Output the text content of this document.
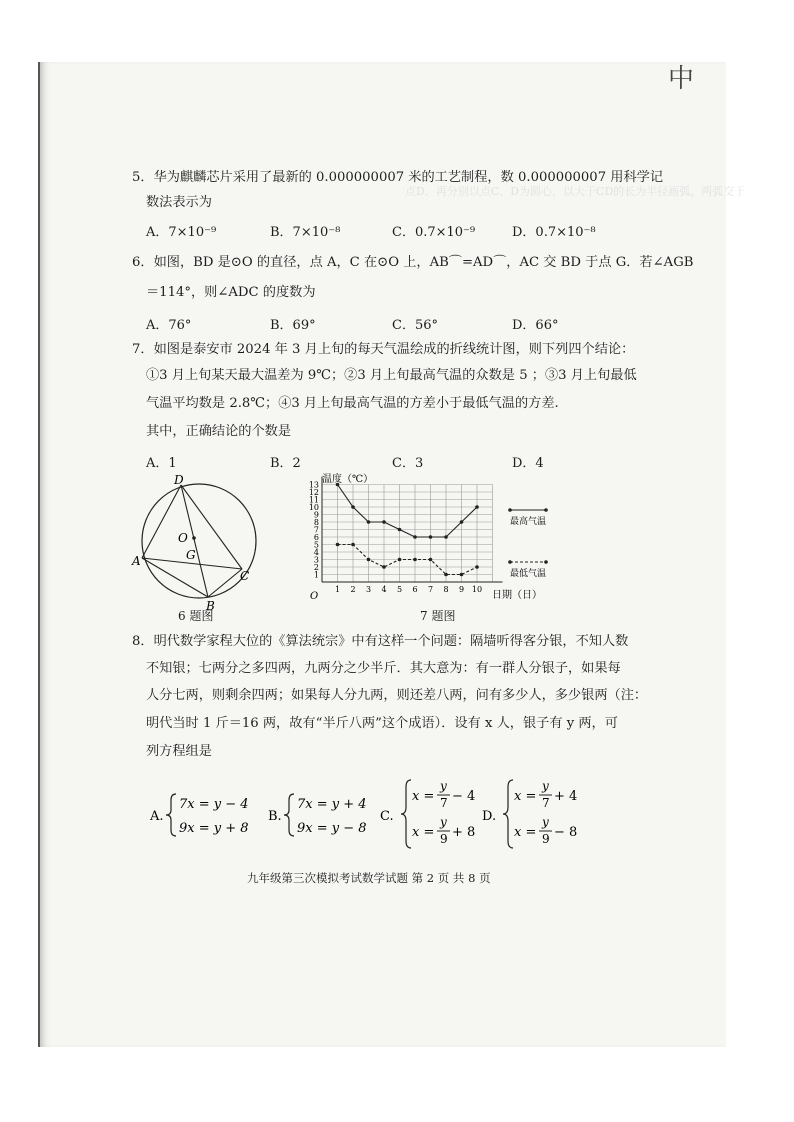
中
点D．再分别以点C、D为圆心，以大于CD的长为半径画弧，两弧交于
5．华为麒麟芯片采用了最新的 0.000000007 米的工艺制程，数 0.000000007 用科学记
数法表示为
A．7×10⁻⁹	B．7×10⁻⁸	C．0.7×10⁻⁹	D．0.7×10⁻⁸
6．如图，BD 是⊙O 的直径，点 A，C 在⊙O 上，AB⌒=AD⌒，AC 交 BD 于点 G．若∠AGB
＝114°，则∠ADC 的度数为
A．76°	B．69°	C．56°	D．66°
7．如图是泰安市 2024 年 3 月上旬的每天气温绘成的折线统计图，则下列四个结论：
①3 月上旬某天最大温差为 9℃；②3 月上旬最高气温的众数是 5 ；③3 月上旬最低
气温平均数是 2.8℃；④3 月上旬最高气温的方差小于最低气温的方差.
其中，正确结论的个数是
A．1	B．2	C．3	D．4
D
O
G
A
C
B
6 题图
1
2
3
4
5
6
7
8
9
10
11
12
13
1 2 3 4 5 6 7 8 9 10
最高气温
最低气温
温度（℃）
日期（日）
O
7 题图
8．明代数学家程大位的《算法统宗》中有这样一个问题：隔墙听得客分银，不知人数
不知银；七两分之多四两，九两分之少半斤．其大意为：有一群人分银子，如果每
人分七两，则剩余四两；如果每人分九两，则还差八两，问有多少人，多少银两（注：
明代当时 1 斤＝16 两，故有“半斤八两”这个成语）．设有 x 人，银子有 y 两，可
列方程组是
A.
7x = y − 4
9x = y + 8
B.
7x = y + 4
9x = y − 8
C.
x =
y
7 − 4
x =
y
9 + 8
D.
x =
y
7 + 4
x =
y
9 − 8
九年级第三次模拟考试数学试题 第 2 页 共 8 页
